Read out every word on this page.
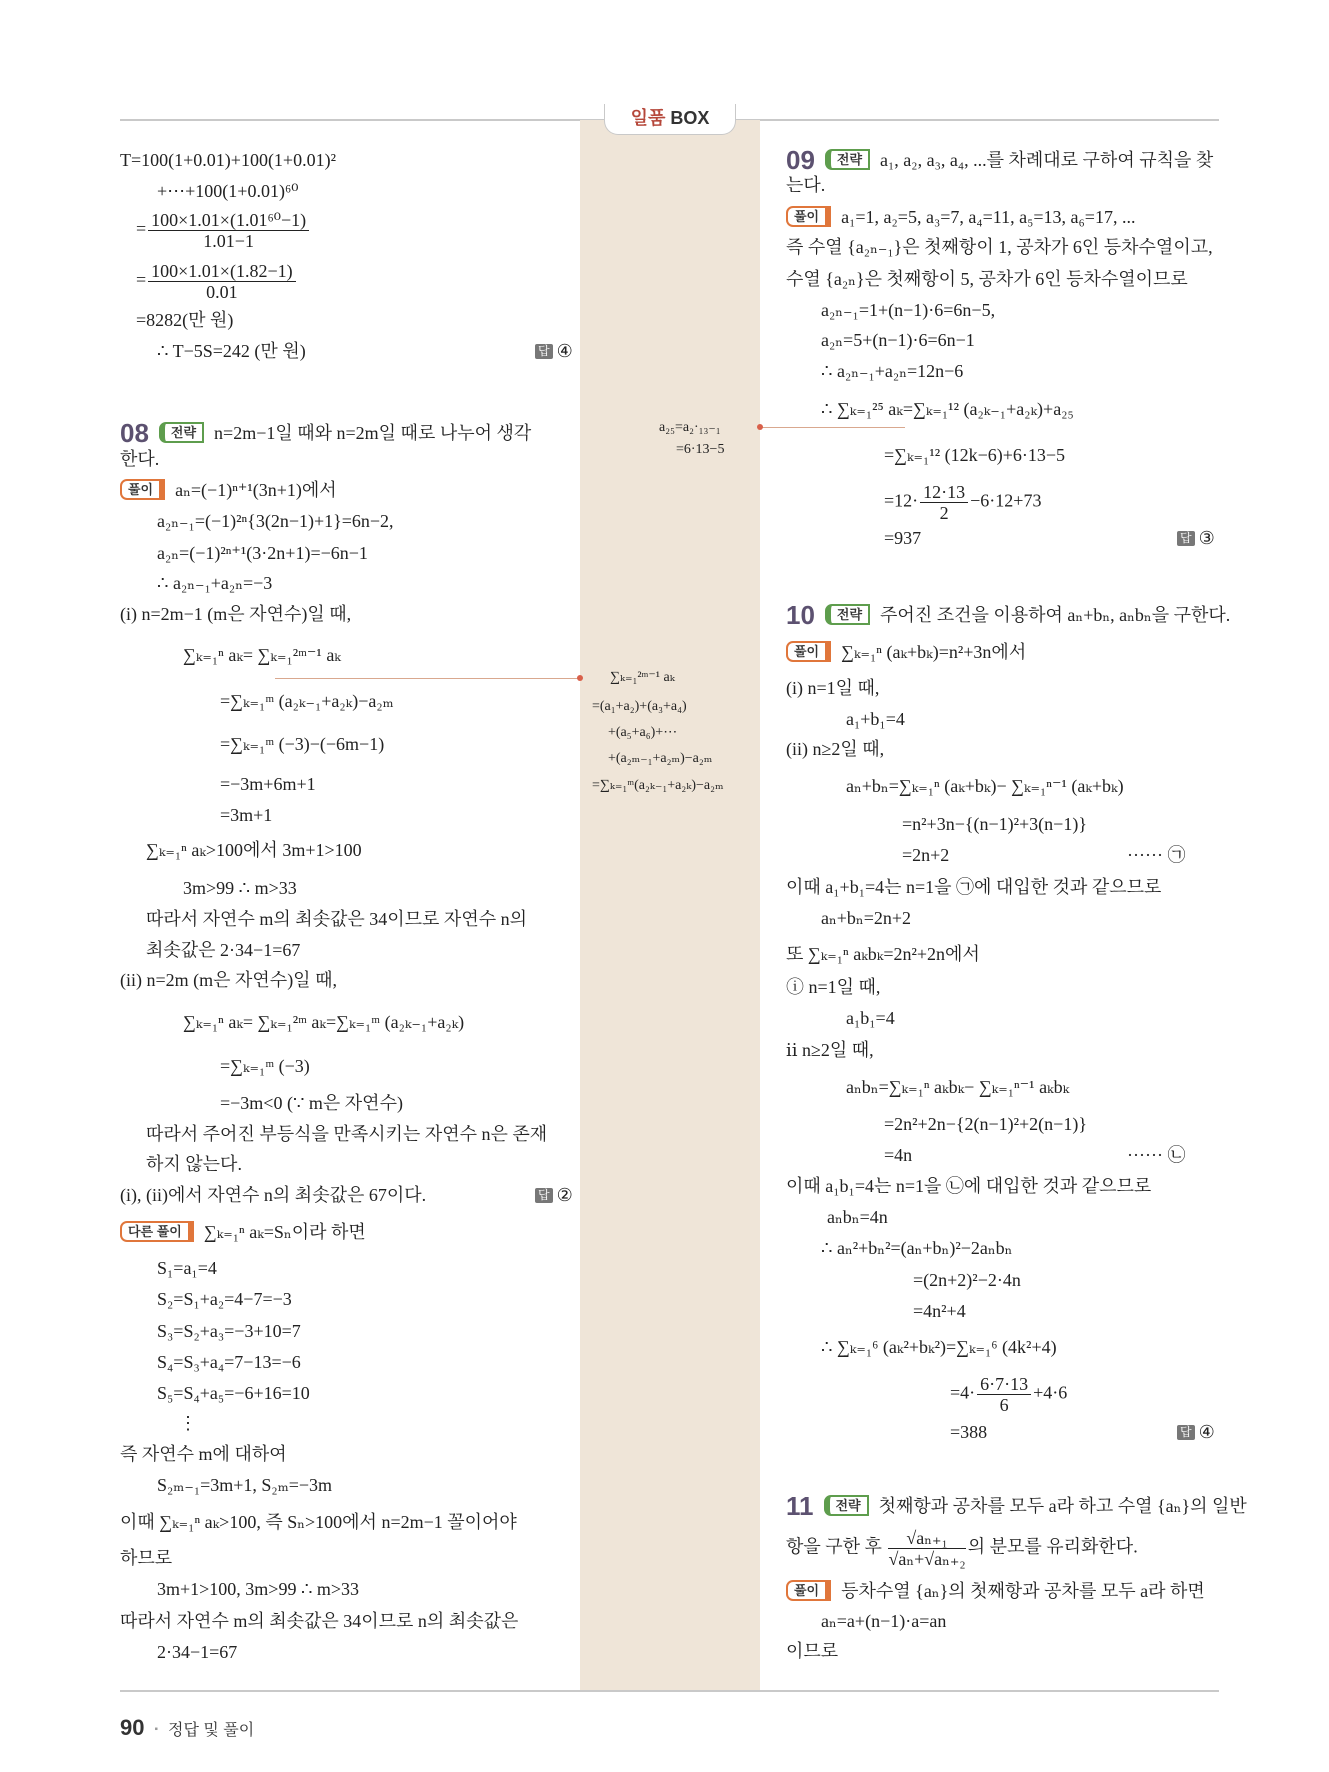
일품 BOX
T=100(1+0.01)+100(1+0.01)²
+⋯+100(1+0.01)⁶⁰
= $\frac{\text{100×1.01×(1.01⁶⁰−1)}}{1.01-1}$
= $\frac{100\times 1.01\times(1.82-1)}{0.01}$
=8282(만 원)
∴ T−5S=242 (만 원)	답 ④
08 전략 n=2m−1일 때와 n=2m일 때로 나누어 생각
한다.
풀이 aₙ=(−1)ⁿ⁺¹(3n+1)에서
a₂ₙ₋₁=(−1)²ⁿ{3(2n−1)+1}=6n−2,
a₂ₙ=(−1)²ⁿ⁺¹(3·2n+1)=−6n−1
∴ a₂ₙ₋₁+a₂ₙ=−3
(i) n=2m−1 (m은 자연수)일 때,
∑ₖ₌₁ⁿ aₖ= ∑ₖ₌₁²ᵐ⁻¹ aₖ
=∑ₖ₌₁ᵐ (a₂ₖ₋₁+a₂ₖ)−a₂ₘ
=∑ₖ₌₁ᵐ (−3)−(−6m−1)
=−3m+6m+1
=3m+1
∑ₖ₌₁ⁿ aₖ>100에서 3m+1>100
3m>99 ∴ m>33
따라서 자연수 m의 최솟값은 34이므로 자연수 n의
최솟값은 2·34−1=67
(ii) n=2m (m은 자연수)일 때,
∑ₖ₌₁ⁿ aₖ= ∑ₖ₌₁²ᵐ aₖ=∑ₖ₌₁ᵐ (a₂ₖ₋₁+a₂ₖ)
=∑ₖ₌₁ᵐ (−3)
=−3m<0 (∵ m은 자연수)
따라서 주어진 부등식을 만족시키는 자연수 n은 존재
하지 않는다.
(i), (ii)에서 자연수 n의 최솟값은 67이다.	답 ②
다른 풀이 ∑ₖ₌₁ⁿ aₖ=Sₙ이라 하면
S₁=a₁=4
S₂=S₁+a₂=4−7=−3
S₃=S₂+a₃=−3+10=7
S₄=S₃+a₄=7−13=−6
S₅=S₄+a₅=−6+16=10
⋮
즉 자연수 m에 대하여
S₂ₘ₋₁=3m+1, S₂ₘ=−3m
이때 ∑ₖ₌₁ⁿ aₖ>100, 즉 Sₙ>100에서 n=2m−1 꼴이어야
하므로
3m+1>100, 3m>99 ∴ m>33
따라서 자연수 m의 최솟값은 34이므로 n의 최솟값은
2·34−1=67
a₂₅=a₂·₁₃₋₁
=6·13−5
∑ₖ₌₁²ᵐ⁻¹ aₖ
=(a₁+a₂)+(a₃+a₄)
+(a₅+a₆)+⋯
+(a₂ₘ₋₁+a₂ₘ)−a₂ₘ
=∑ₖ₌₁ᵐ(a₂ₖ₋₁+a₂ₖ)−a₂ₘ
09 전략 a₁, a₂, a₃, a₄, ...를 차례대로 구하여 규칙을 찾
는다.
풀이 a₁=1, a₂=5, a₃=7, a₄=11, a₅=13, a₆=17, ...
즉 수열 {a₂ₙ₋₁}은 첫째항이 1, 공차가 6인 등차수열이고,
수열 {a₂ₙ}은 첫째항이 5, 공차가 6인 등차수열이므로
a₂ₙ₋₁=1+(n−1)·6=6n−5,
a₂ₙ=5+(n−1)·6=6n−1
∴ a₂ₙ₋₁+a₂ₙ=12n−6
∴ ∑ₖ₌₁²⁵ aₖ=∑ₖ₌₁¹² (a₂ₖ₋₁+a₂ₖ)+a₂₅
=∑ₖ₌₁¹² (12k−6)+6·13−5
$=12\cdot \frac{12\cdot 13}{2} -6\cdot 12+73$
=937	답 ③
10 전략 주어진 조건을 이용하여 aₙ+bₙ, aₙbₙ을 구한다.
풀이 ∑ₖ₌₁ⁿ (aₖ+bₖ)=n²+3n에서
(i) n=1일 때,
a₁+b₁=4
(ii) n≥2일 때,
aₙ+bₙ=∑ₖ₌₁ⁿ (aₖ+bₖ)− ∑ₖ₌₁ⁿ⁻¹ (aₖ+bₖ)
=n²+3n−{(n−1)²+3(n−1)}
=2n+2	······ ㉠
이때 a₁+b₁=4는 n=1을 ㉠에 대입한 것과 같으므로
aₙ+bₙ=2n+2
또 ∑ₖ₌₁ⁿ aₖbₖ=2n²+2n에서
ⓘ n=1일 때,
a₁b₁=4
ⅱ n≥2일 때,
aₙbₙ=∑ₖ₌₁ⁿ aₖbₖ− ∑ₖ₌₁ⁿ⁻¹ aₖbₖ
=2n²+2n−{2(n−1)²+2(n−1)}
=4n	······ ㉡
이때 a₁b₁=4는 n=1을 ㉡에 대입한 것과 같으므로
aₙbₙ=4n
∴ aₙ²+bₙ²=(aₙ+bₙ)²−2aₙbₙ
=(2n+2)²−2·4n
=4n²+4
∴ ∑ₖ₌₁⁶ (aₖ²+bₖ²)=∑ₖ₌₁⁶ (4k²+4)
$=4\cdot \frac{6\cdot 7\cdot 13}{6} +4\cdot 6$
=388	답 ④
11 전략 첫째항과 공차를 모두 a라 하고 수열 {aₙ}의 일반
항을 구한 후 $\frac{\text{√aₙ₊₁}}{\text{√aₙ+√aₙ₊₂}}$ 의 분모를 유리화한다.
풀이 등차수열 {aₙ}의 첫째항과 공차를 모두 a라 하면
aₙ=a+(n−1)·a=an
이므로
90 ▪ 정답 및 풀이
